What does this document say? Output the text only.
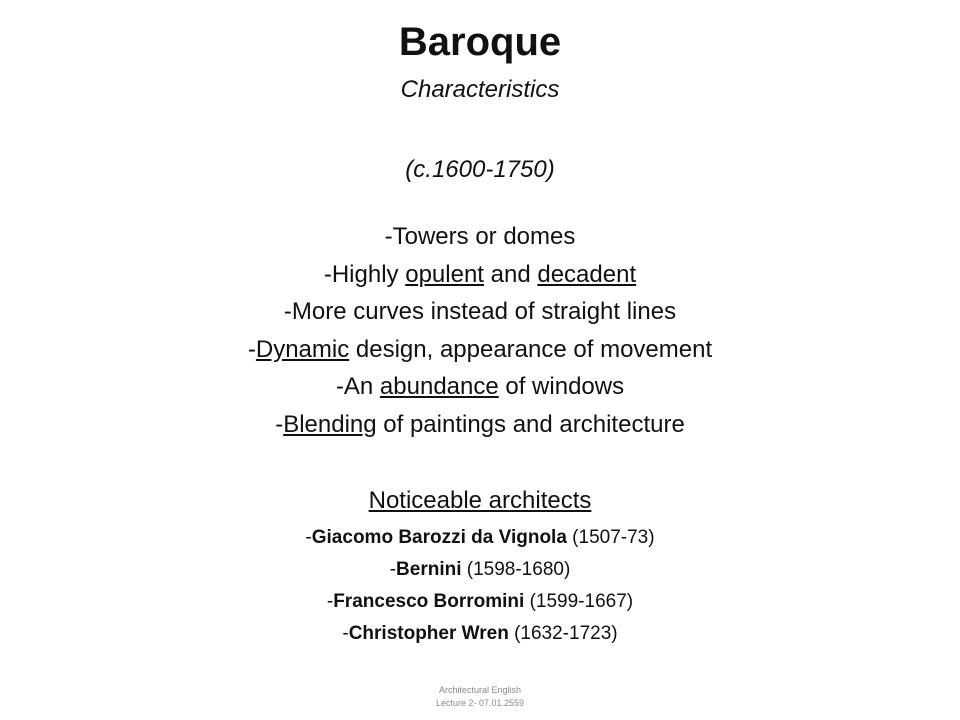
Baroque
Characteristics
(c.1600-1750)
-Towers or domes
-Highly opulent and decadent
-More curves instead of straight lines
-Dynamic design, appearance of movement
-An abundance of windows
-Blending of paintings and architecture
Noticeable architects
-Giacomo Barozzi da Vignola (1507-73)
-Bernini (1598-1680)
-Francesco Borromini (1599-1667)
-Christopher Wren (1632-1723)
Architectural English
Lecture 2- 07.01.2559
